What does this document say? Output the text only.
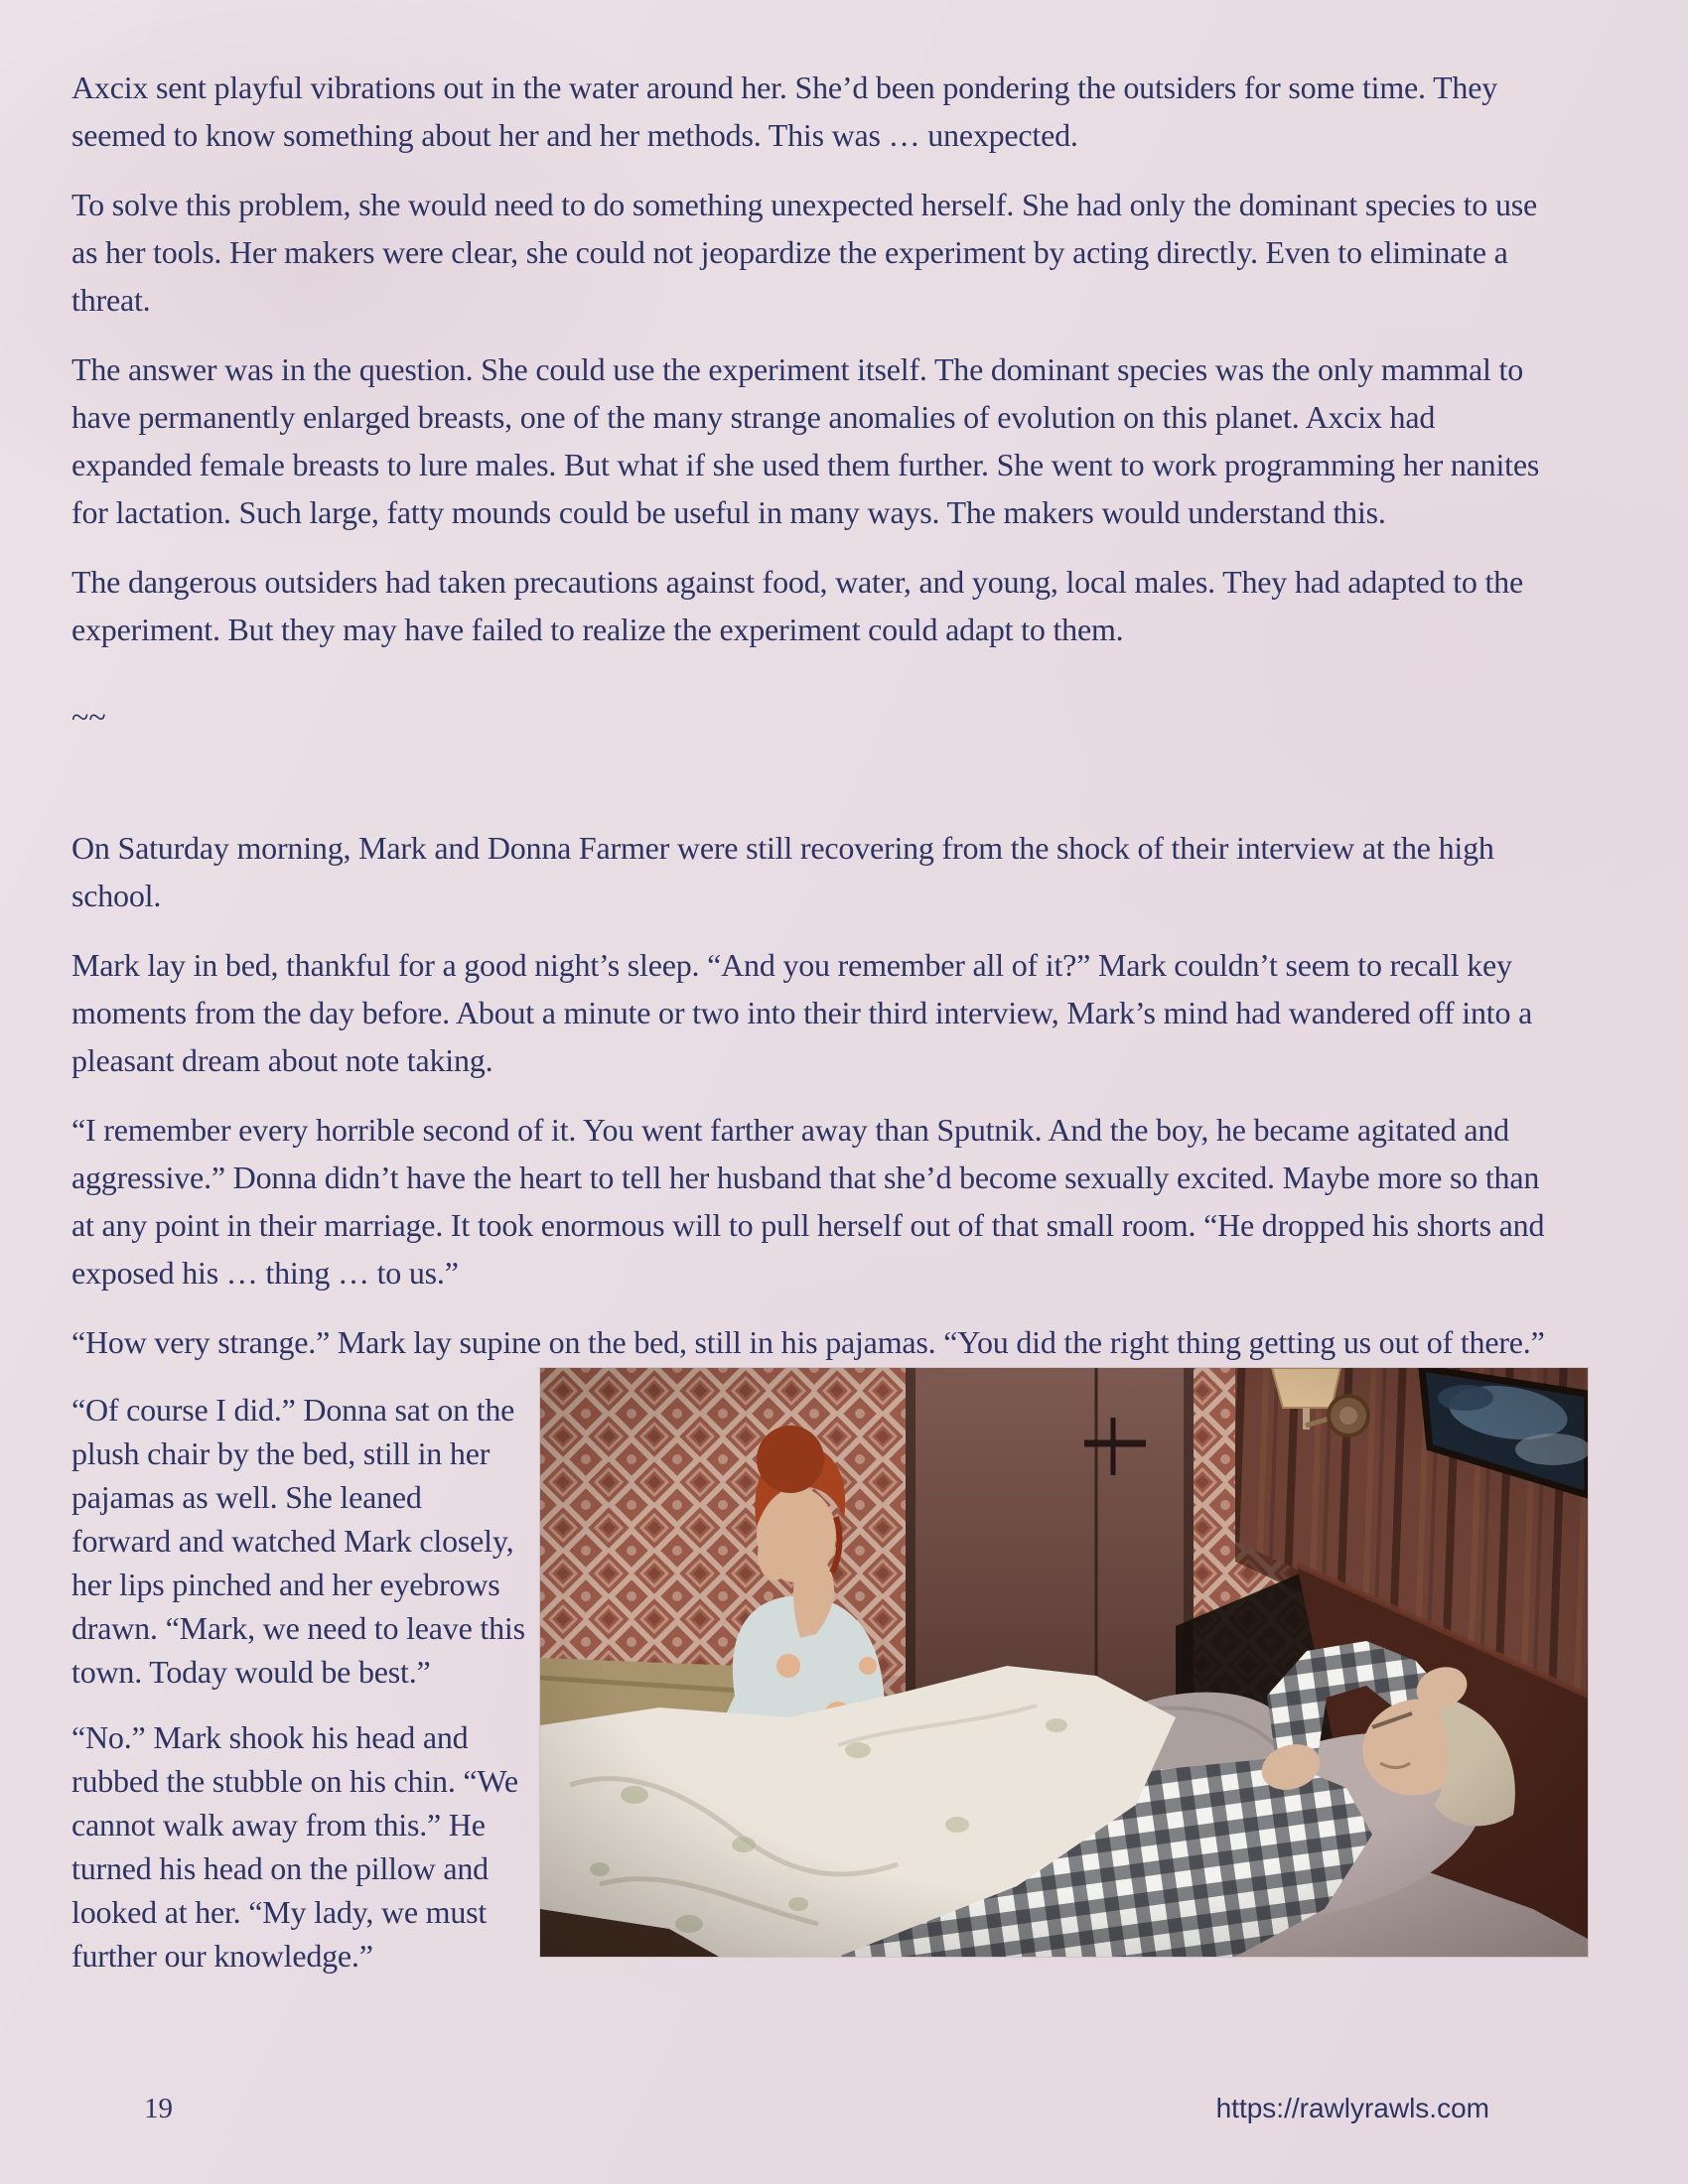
Axcix sent playful vibrations out in the water around her. She’d been pondering the outsiders for some time. They seemed to know something about her and her methods. This was … unexpected.

To solve this problem, she would need to do something unexpected herself. She had only the dominant species to use as her tools. Her makers were clear, she could not jeopardize the experiment by acting directly. Even to eliminate a threat.

The answer was in the question. She could use the experiment itself. The dominant species was the only mammal to have permanently enlarged breasts, one of the many strange anomalies of evolution on this planet. Axcix had expanded female breasts to lure males. But what if she used them further. She went to work programming her nanites for lactation. Such large, fatty mounds could be useful in many ways. The makers would understand this.

The dangerous outsiders had taken precautions against food, water, and young, local males. They had adapted to the experiment. But they may have failed to realize the experiment could adapt to them.

~~

On Saturday morning, Mark and Donna Farmer were still recovering from the shock of their interview at the high school.

Mark lay in bed, thankful for a good night’s sleep. “And you remember all of it?” Mark couldn’t seem to recall key moments from the day before. About a minute or two into their third interview, Mark’s mind had wandered off into a pleasant dream about note taking.

“I remember every horrible second of it. You went farther away than Sputnik. And the boy, he became agitated and aggressive.” Donna didn’t have the heart to tell her husband that she’d become sexually excited. Maybe more so than at any point in their marriage. It took enormous will to pull herself out of that small room. “He dropped his shorts and exposed his … thing … to us.”

“How very strange.” Mark lay supine on the bed, still in his pajamas. “You did the right thing getting us out of there.”

“Of course I did.” Donna sat on the plush chair by the bed, still in her pajamas as well. She leaned forward and watched Mark closely, her lips pinched and her eyebrows drawn. “Mark, we need to leave this town. Today would be best.”

“No.” Mark shook his head and rubbed the stubble on his chin. “We cannot walk away from this.” He turned his head on the pillow and looked at her. “My lady, we must further our knowledge.”

19	https://rawlyrawls.com
